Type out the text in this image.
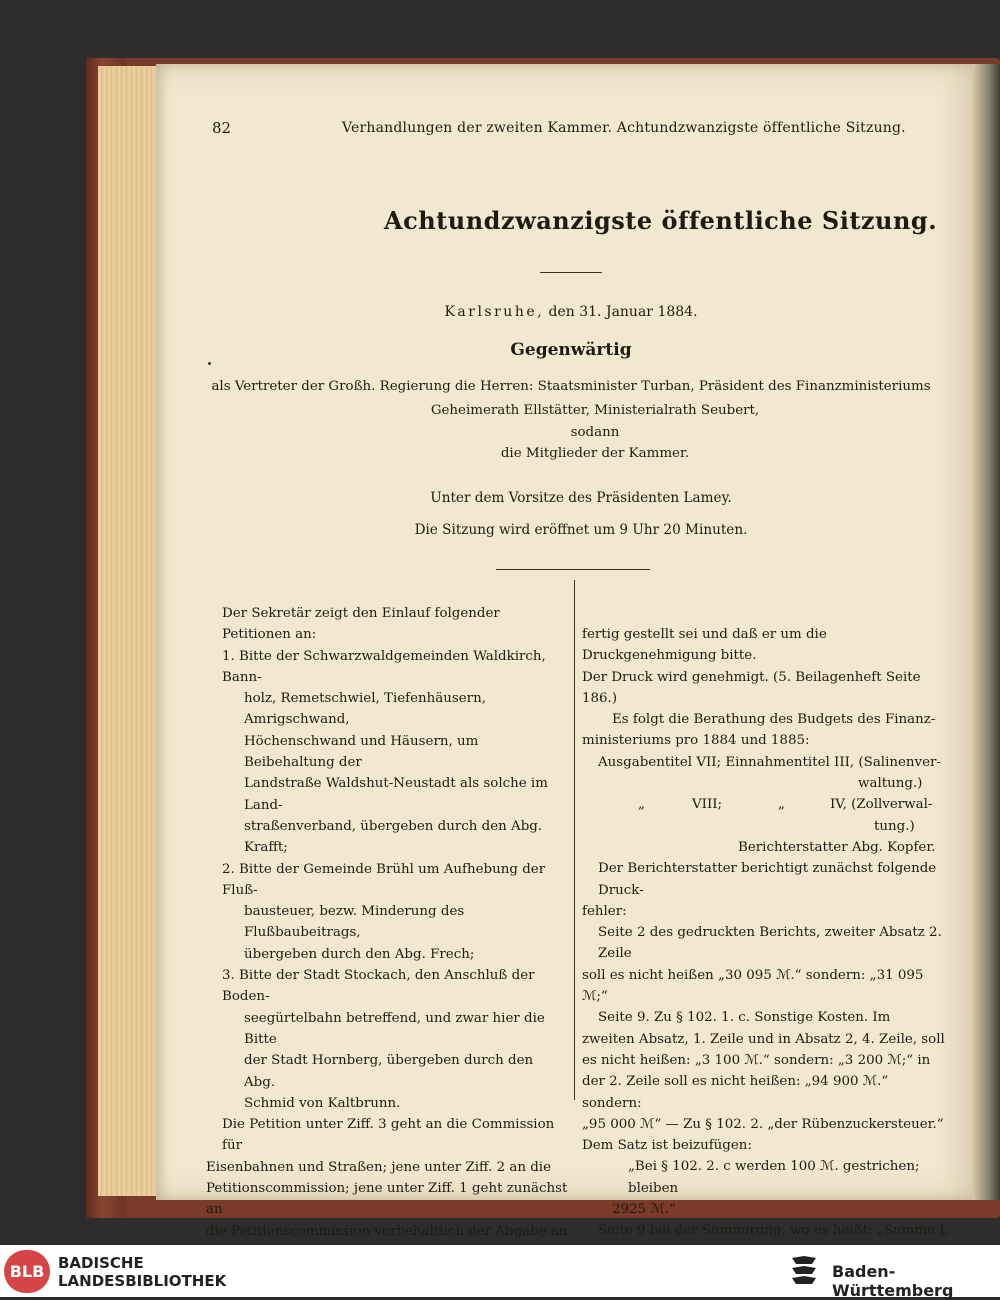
82	Verhandlungen der zweiten Kammer. Achtundzwanzigste öffentliche Sitzung.
Achtundzwanzigste öffentliche Sitzung.
Karlsruhe, den 31. Januar 1884.
Gegenwärtig
als Vertreter der Großh. Regierung die Herren: Staatsminister Turban, Präsident des Finanzministeriums
Geheimerath Ellstätter, Ministerialrath Seubert,
sodann
die Mitglieder der Kammer.
Unter dem Vorsitze des Präsidenten Lamey.
Die Sitzung wird eröffnet um 9 Uhr 20 Minuten.

Der Sekretär zeigt den Einlauf folgender Petitionen an:

1. Bitte der Schwarzwaldgemeinden Waldkirch, Bann-

holz, Remetschwiel, Tiefenhäusern, Amrigschwand,

Höchenschwand und Häusern, um Beibehaltung der

Landstraße Waldshut-Neustadt als solche im Land-

straßenverband, übergeben durch den Abg. Krafft;

2. Bitte der Gemeinde Brühl um Aufhebung der Fluß-

bausteuer, bezw. Minderung des Flußbaubeitrags,

übergeben durch den Abg. Frech;

3. Bitte der Stadt Stockach, den Anschluß der Boden-

seegürtelbahn betreffend, und zwar hier die Bitte

der Stadt Hornberg, übergeben durch den Abg.

Schmid von Kaltbrunn.

Die Petition unter Ziff. 3 geht an die Commission für

Eisenbahnen und Straßen; jene unter Ziff. 2 an die

Petitionscommission; jene unter Ziff. 1 geht zunächst an

die Petitionscommission vorbehaltlich der Abgabe an

fertig gestellt sei und daß er um die Druckgenehmigung bitte.

Der Druck wird genehmigt. (5. Beilagenheft Seite 186.)

Es folgt die Berathung des Budgets des Finanz-

ministeriums pro 1884 und 1885:

Ausgabentitel VII; Einnahmentitel III, (Salinenver-

waltung.)

„	VIII;	„	IV, (Zollverwal-

tung.)

Berichterstatter Abg. Kopfer.

Der Berichterstatter berichtigt zunächst folgende Druck-

fehler:

Seite 2 des gedruckten Berichts, zweiter Absatz 2. Zeile

soll es nicht heißen „30 095 ℳ.“ sondern: „31 095 ℳ;“

Seite 9. Zu § 102. 1. c. Sonstige Kosten. Im

zweiten Absatz, 1. Zeile und in Absatz 2, 4. Zeile, soll

es nicht heißen: „3 100 ℳ.“ sondern: „3 200 ℳ;“ in

der 2. Zeile soll es nicht heißen: „94 900 ℳ.“ sondern:

„95 000 ℳ“ — Zu § 102. 2. „der Rübenzuckersteuer.“

Dem Satz ist beizufügen:

„Bei § 102. 2. c werden 100 ℳ. gestrichen; bleiben

2925 ℳ.“

Seite 9 bei der Summirung, wo es heißt: „Summe I,

BLB BADISCHE
LANDESBIBLIOTHEK	Baden-Württemberg
